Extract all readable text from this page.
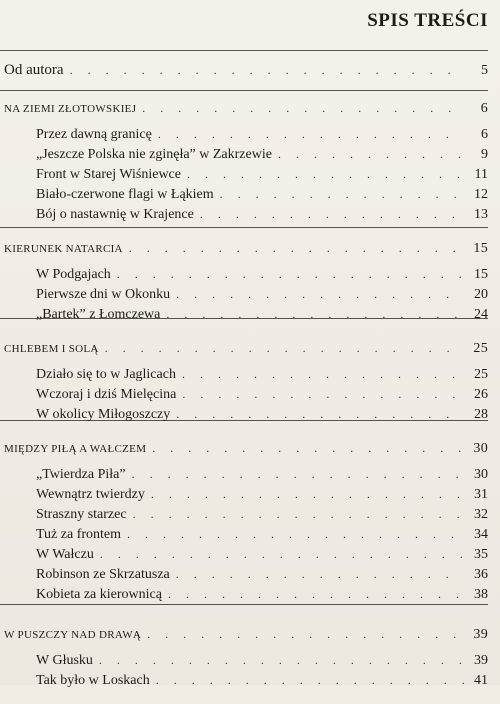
SPIS TREŚCI
Od autora . . .	5
NA ZIEMI ZŁOTOWSKIEJ . . .	6
Przez dawną granicę . . .	6
„Jeszcze Polska nie zginęła” w Zakrzewie . . .	9
Front w Starej Wiśniewce . . .	11
Biało-czerwone flagi w Łąkiem . . .	12
Bój o nastawnię w Krajence . . .	13
KIERUNEK NATARCIA . . .	15
W Podgajach . . .	15
Pierwsze dni w Okonku . . .	20
„Bartek” z Łomczewa . . .	24
CHLEBEM I SOLĄ . . .	25
Działo się to w Jaglicach . . .	25
Wczoraj i dziś Mielęcina . . .	26
W okolicy Miłogoszczy . . .	28
MIĘDZY PIŁĄ A WAŁCZEM . . .	30
„Twierdza Piła” . . .	30
Wewnątrz twierdzy . . .	31
Straszny starzec . . .	32
Tuż za frontem . . .	34
W Wałczu . . .	35
Robinson ze Skrzatusza . . .	36
Kobieta za kierownicą . . .	38
W PUSZCZY NAD DRAWĄ . . .	39
W Głusku . . .	39
Tak było w Loskach . . .	41
